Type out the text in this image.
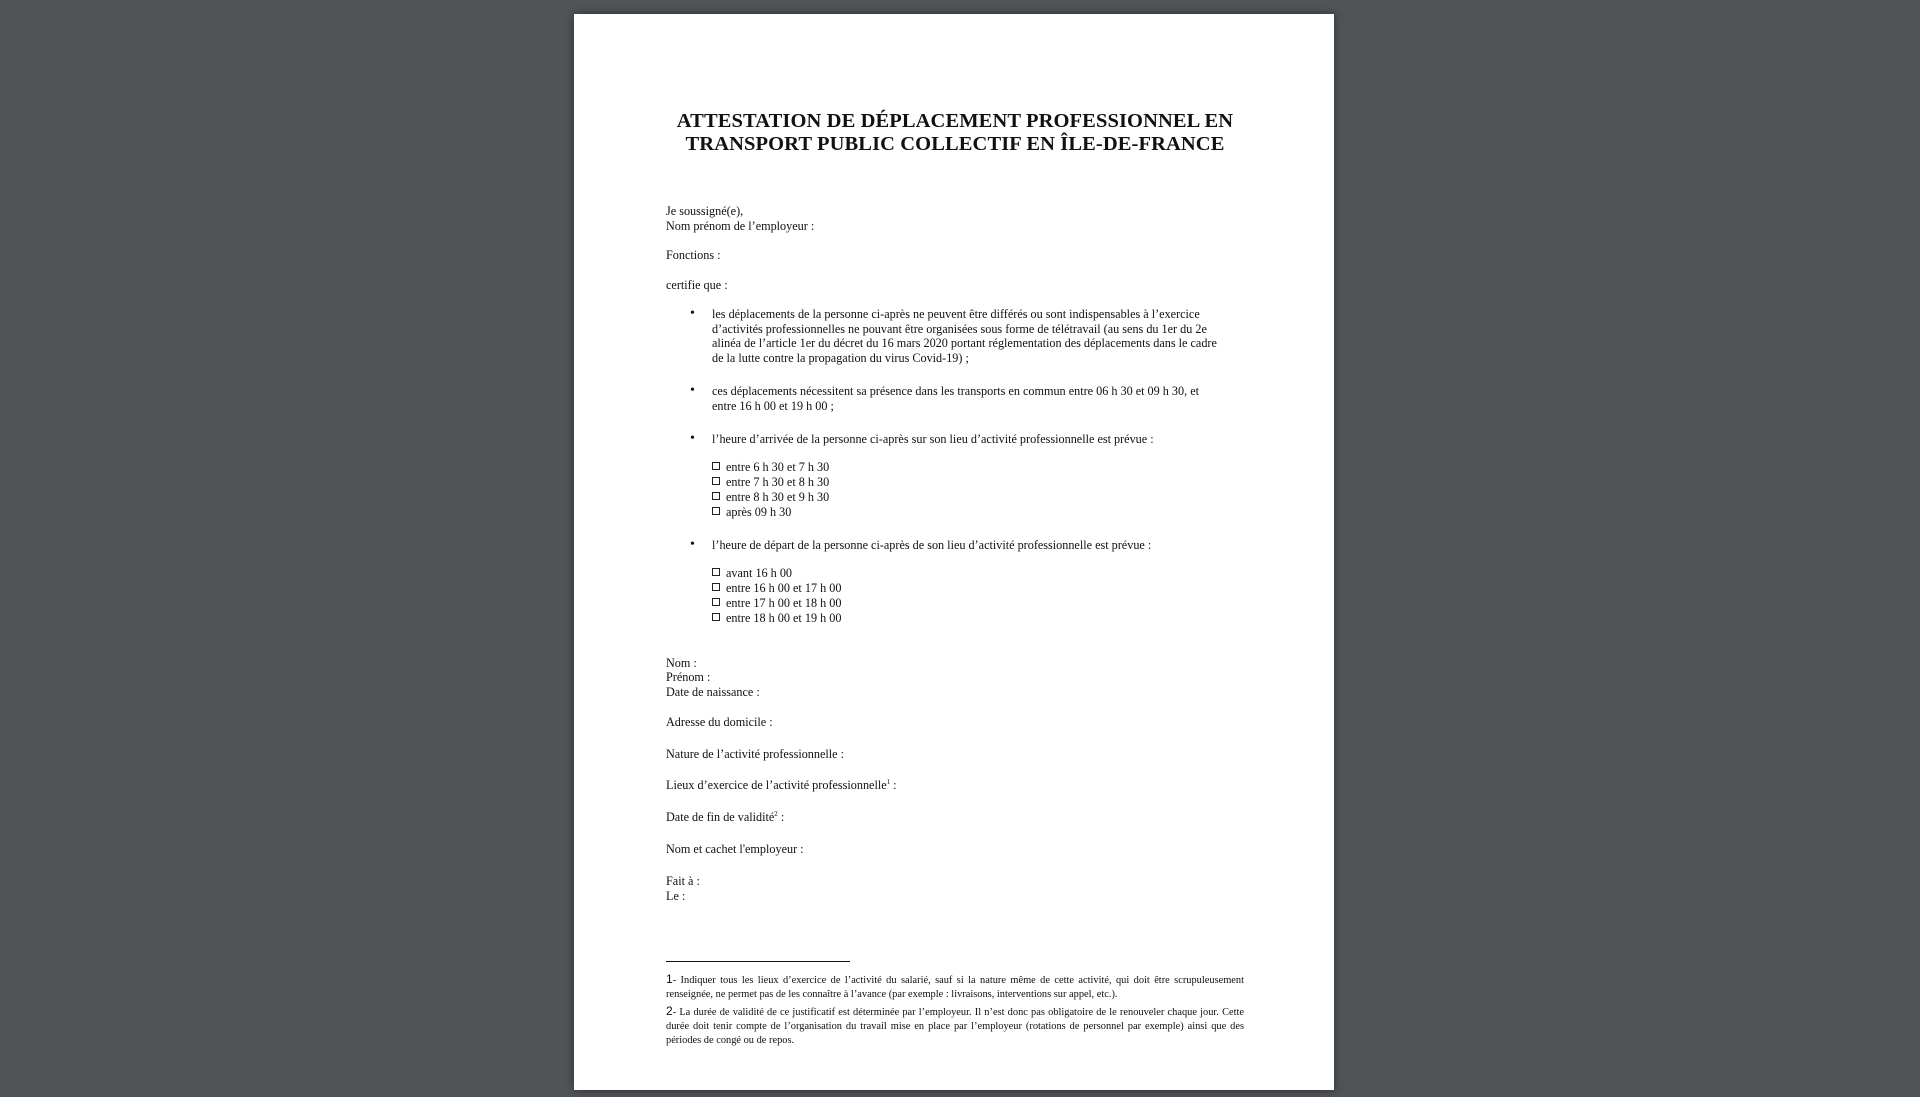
ATTESTATION DE DÉPLACEMENT PROFESSIONNEL EN
TRANSPORT PUBLIC COLLECTIF EN ÎLE-DE-FRANCE
Je soussigné(e),
Nom prénom de l’employeur :
Fonctions :
certifie que :
• les déplacements de la personne ci-après ne peuvent être différés ou sont indispensables à l’exercice
d’activités professionnelles ne pouvant être organisées sous forme de télétravail (au sens du 1er du 2e
alinéa de l’article 1er du décret du 16 mars 2020 portant réglementation des déplacements dans le cadre
de la lutte contre la propagation du virus Covid-19) ;
• ces déplacements nécessitent sa présence dans les transports en commun entre 06 h 30 et 09 h 30, et
entre 16 h 00 et 19 h 00 ;
• l’heure d’arrivée de la personne ci-après sur son lieu d’activité professionnelle est prévue :
entre 6 h 30 et 7 h 30
entre 7 h 30 et 8 h 30
entre 8 h 30 et 9 h 30
après 09 h 30
• l’heure de départ de la personne ci-après de son lieu d’activité professionnelle est prévue :
avant 16 h 00
entre 16 h 00 et 17 h 00
entre 17 h 00 et 18 h 00
entre 18 h 00 et 19 h 00
Nom :
Prénom :
Date de naissance :
Adresse du domicile :
Nature de l’activité professionnelle :
Lieux d’exercice de l’activité professionnelle$^1$ :
Date de fin de validité$^2$ :
Nom et cachet l'employeur :
Fait à :
Le :

1- Indiquer tous les lieux d’exercice de l’activité du salarié, sauf si la nature même de cette activité, qui doit être scrupuleusement renseignée, ne permet pas de les connaître à l’avance (par exemple : livraisons, interventions sur appel, etc.).

2- La durée de validité de ce justificatif est déterminée par l’employeur. Il n’est donc pas obligatoire de le renouveler chaque jour. Cette durée doit tenir compte de l’organisation du travail mise en place par l’employeur (rotations de personnel par exemple) ainsi que des périodes de congé ou de repos.
